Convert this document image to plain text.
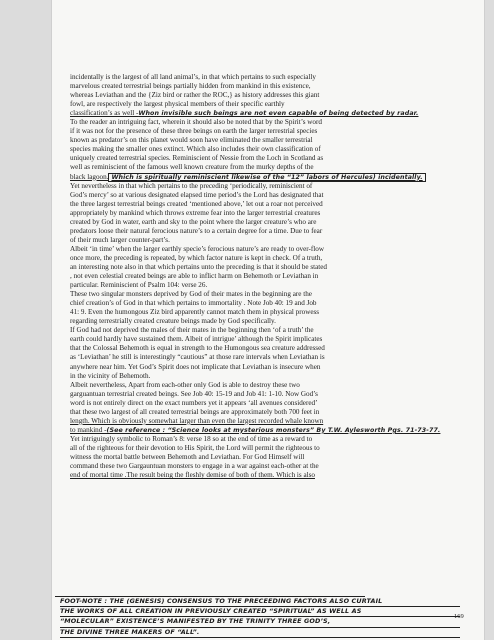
incidentally is the largest of all land animal’s, in that which pertains to such especially
marvelous created terrestrial beings partially hidden from mankind in this existence,
whereas Leviathan and the {Ziz bird or rather the ROC,} as history addresses this giant
fowl, are respectively the largest physical members of their specific earthly
classification’s as well -Whon invisible such beings are not even capable of being detected by radar.
To the reader an intriguing fact, wherein it should also be noted that by the Spirit’s word
if it was not for the presence of these three beings on earth the larger terrestrial species
known as predator’s on this planet would soon have eliminated the smaller terrestrial
species making the smaller ones extinct. Which also includes their own classification of
uniquely created terrestrial species. Reminiscient of Nessie from the Loch in Scotland as
well as reminiscient of the famous well known creature from the murky depths of the
black lagoon. Which is spiritually reminiscient likewise of the “12” labors of Hercules) incidentally.
Yet nevertheless in that which pertains to the preceding ‘periodically, reminiscient of
God’s mercy’ so at various designated elapsed time period’s the Lord has designated that
the three largest terrestrial beings created ‘mentioned above,’ let out a roar not perceived
appropriately by mankind which throws extreme fear into the larger terrestrial creatures
created by God in water, earth and sky to the point where the larger creature’s who are
predators loose their natural ferocious nature’s to a certain degree for a time. Due to fear
of their much larger counter-part’s.
Albeit ‘in time’ when the larger earthly specie’s ferocious nature’s are ready to over-flow
once more, the preceding is repeated, by which factor nature is kept in check. Of a truth,
an interesting note also in that which pertains unto the preceding is that it should be stated
, not even celestial created beings are able to inflict harm on Behemoth or Leviathan in
particular. Reminiscient of Psalm 104: verse 26.
These two singular monsters deprived by God of their mates in the beginning are the
chief creation’s of God in that which pertains to immortality . Note Job 40: 19 and Job
41: 9. Even the humongous Ziz bird apparently cannot match them in physical prowess
regarding terrestrially created creature beings made by God specifically.
If God had not deprived the males of their mates in the beginning then ‘of a truth’ the
earth could hardly have sustained them. Albeit of intrigue’ although the Spirit implicates
that the Colossal Behemoth is equal in strength to the Humongous sea creature addressed
as ‘Leviathan’ he still is interestingly “cautious” at those rare intervals when Leviathan is
anywhere near him. Yet God’s Spirit does not implicate that Leviathan is insecure when
in the vicinity of Behemoth.
Albeit nevertheless, Apart from each-other only God is able to destroy these two
garguantuan terrestrial created beings. See Job 40: 15-19 and Job 41: 1-10. Now God’s
word is not entirely direct on the exact numbers yet it appears ‘all avenues considered’
that these two largest of all created terrestrial beings are approximately both 700 feet in
length. Which is obviously somewhat larger than even the largest recorded whale known
to mankind -(See reference : “Science looks at mysterious monsters” By T.W. Aylesworth Pgs. 71-73-77.
Yet intriguingly symbolic to Roman’s 8: verse 18 so at the end of time as a reward to
all of the righteous for their devotion to His Spirit, the Lord will permit the righteous to
witness the mortal battle between Behemoth and Leviathan. For God Himself will
command these two Gargauntuan monsters to engage in a war against each-other at the
end of mortal time .The result being the fleshly demise of both of them. Which is also
FOOT-NOTE : THE (GENESIS) CONSENSUS TO THE PRECEEDING FACTORS ALSO CURTAIL
THE WORKS OF ALL CREATION IN PREVIOUSLY CREATED “SPIRITUAL” AS WELL AS
“MOLECULAR” EXISTENCE’S MANIFESTED BY THE TRINITY THREE GOD’S,
THE DIVINE THREE MAKERS OF “ALL”.
169
